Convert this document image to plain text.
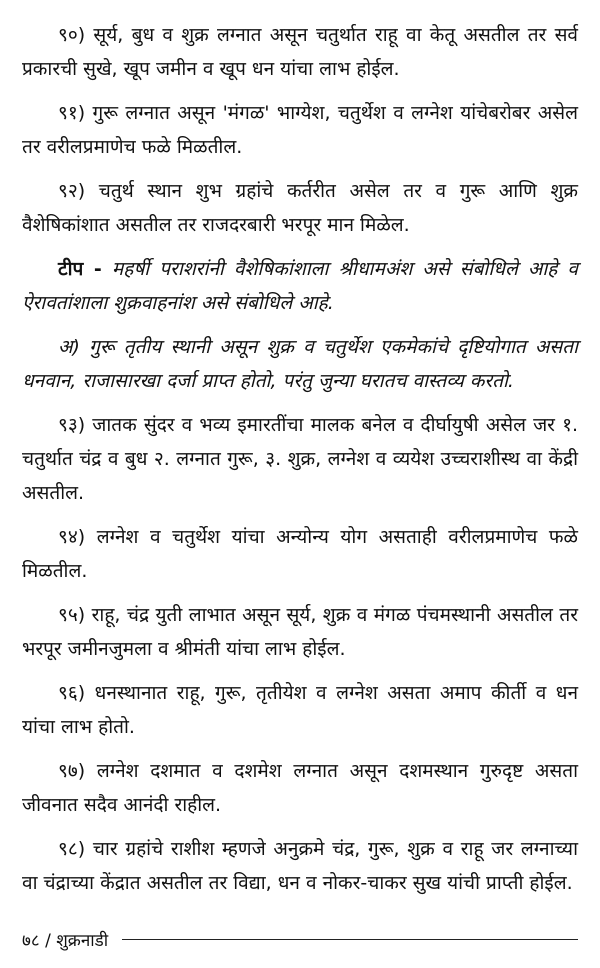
९०) सूर्य, बुध व शुक्र लग्नात असून चतुर्थात राहू वा केतू असतील तर सर्व प्रकारची सुखे, खूप जमीन व खूप धन यांचा लाभ होईल.

९१) गुरू लग्नात असून 'मंगळ' भाग्येश, चतुर्थेश व लग्नेश यांचेबरोबर असेल तर वरीलप्रमाणेच फळे मिळतील.

९२) चतुर्थ स्थान शुभ ग्रहांचे कर्तरीत असेल तर व गुरू आणि शुक्र वैशेषिकांशात असतील तर राजदरबारी भरपूर मान मिळेल.

टीप - महर्षी पराशरांनी वैशेषिकांशाला श्रीधामअंश असे संबोधिले आहे व ऐरावतांशाला शुक्रवाहनांश असे संबोधिले आहे.

अ) गुरू तृतीय स्थानी असून शुक्र व चतुर्थेश एकमेकांचे दृष्टियोगात असता धनवान, राजासारखा दर्जा प्राप्त होतो, परंतु जुन्या घरातच वास्तव्य करतो.

९३) जातक सुंदर व भव्य इमारतींचा मालक बनेल व दीर्घायुषी असेल जर १. चतुर्थात चंद्र व बुध २. लग्नात गुरू, ३. शुक्र, लग्नेश व व्ययेश उच्चराशीस्थ वा केंद्री असतील.

९४) लग्नेश व चतुर्थेश यांचा अन्योन्य योग असताही वरीलप्रमाणेच फळे मिळतील.

९५) राहू, चंद्र युती लाभात असून सूर्य, शुक्र व मंगळ पंचमस्थानी असतील तर भरपूर जमीनजुमला व श्रीमंती यांचा लाभ होईल.

९६) धनस्थानात राहू, गुरू, तृतीयेश व लग्नेश असता अमाप कीर्ती व धन यांचा लाभ होतो.

९७) लग्नेश दशमात व दशमेश लग्नात असून दशमस्थान गुरुदृष्ट असता जीवनात सदैव आनंदी राहील.

९८) चार ग्रहांचे राशीश म्हणजे अनुक्रमे चंद्र, गुरू, शुक्र व राहू जर लग्नाच्या वा चंद्राच्या केंद्रात असतील तर विद्या, धन व नोकर-चाकर सुख यांची प्राप्ती होईल.

७८ / शुक्रनाडी
